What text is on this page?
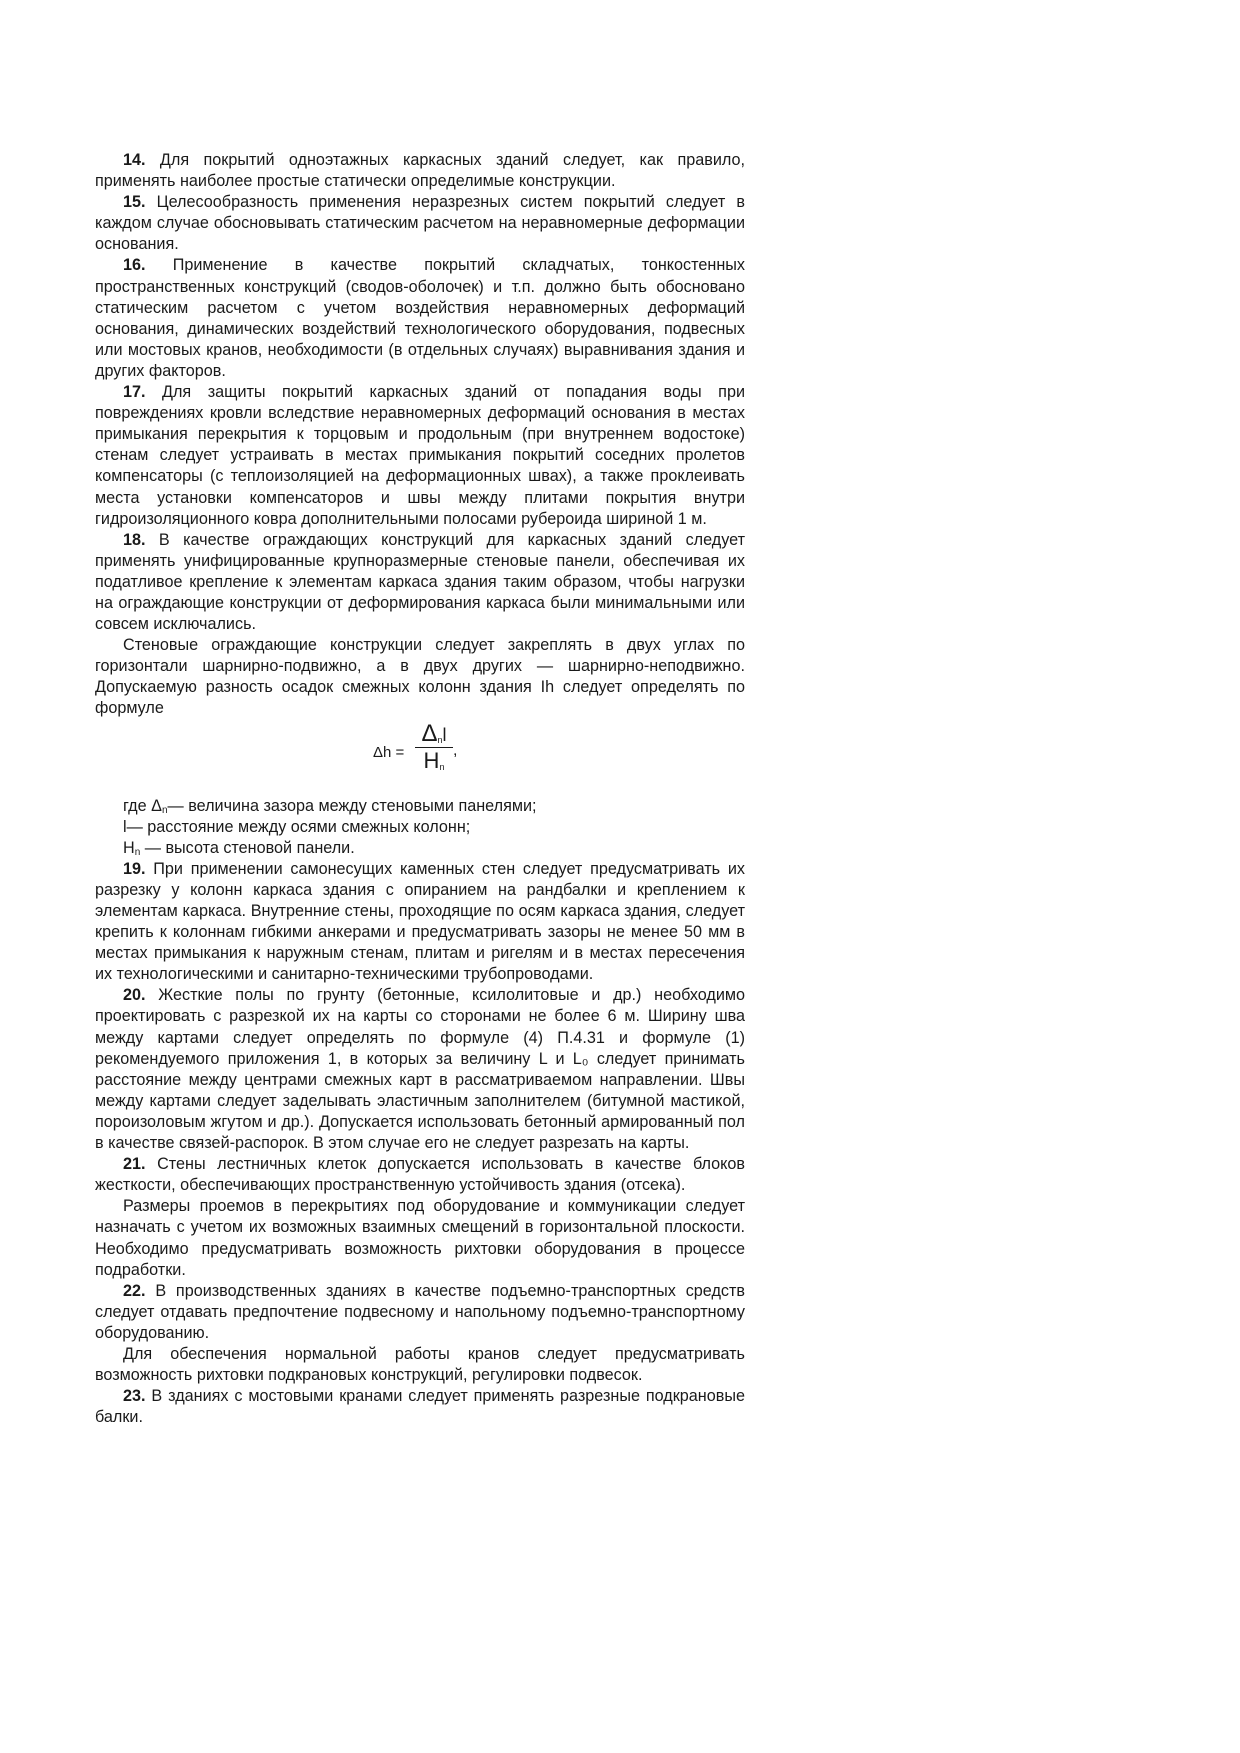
14. Для покрытий одноэтажных каркасных зданий следует, как правило, применять наиболее простые статически определимые конструкции.

15. Целесообразность применения неразрезных систем покрытий следует в каждом случае обосновывать статическим расчетом на неравномерные деформации основания.

16. Применение в качестве покрытий складчатых, тонкостенных пространственных конструкций (сводов-оболочек) и т.п. должно быть обосновано статическим расчетом с учетом воздействия неравномерных деформаций основания, динамических воздействий технологического оборудования, подвесных или мостовых кранов, необходимости (в отдельных случаях) выравнивания здания и других факторов.

17. Для защиты покрытий каркасных зданий от попадания воды при повреждениях кровли вследствие неравномерных деформаций основания в местах примыкания перекрытия к торцовым и продольным (при внутреннем водостоке) стенам следует устраивать в местах примыкания покрытий соседних пролетов компенсаторы (с теплоизоляцией на деформационных швах), а также проклеивать места установки компенсаторов и швы между плитами покрытия внутри гидроизоляционного ковра дополнительными полосами рубероида шириной 1 м.

18. В качестве ограждающих конструкций для каркасных зданий следует применять унифицированные крупноразмерные стеновые панели, обеспечивая их податливое крепление к элементам каркаса здания таким образом, чтобы нагрузки на ограждающие конструкции от деформирования каркаса были минимальными или совсем исключались.

Стеновые ограждающие конструкции следует закреплять в двух углах по горизонтали шарнирно-подвижно, а в двух других — шарнирно-неподвижно. Допускаемую разность осадок смежных колонн здания Ih следует определять по формуле

Δh =
$\Delta_nl$
$H_n$
,

где $\Delta_n—$ величина зазора между стеновыми панелями;

l— расстояние между осями смежных колонн;

$H_n$ — высота стеновой панели.

19. При применении самонесущих каменных стен следует предусматривать их разрезку у колонн каркаса здания с опиранием на рандбалки и креплением к элементам каркаса. Внутренние стены, проходящие по осям каркаса здания, следует крепить к колоннам гибкими анкерами и предусматривать зазоры не менее 50 мм в местах примыкания к наружным стенам, плитам и ригелям и в местах пересечения их технологическими и санитарно-техническими трубопроводами.

20. Жесткие полы по грунту (бетонные, ксилолитовые и др.) необходимо проектировать с разрезкой их на карты со сторонами не более 6 м. Ширину шва между картами следует определять по формуле (4) П.4.31 и формуле (1) рекомендуемого приложения 1, в которых за величину L и L₀ следует принимать расстояние между центрами смежных карт в рассматриваемом направлении. Швы между картами следует заделывать эластичным заполнителем (битумной мастикой, пороизоловым жгутом и др.). Допускается использовать бетонный армированный пол в качестве связей-распорок. В этом случае его не следует разрезать на карты.

21. Стены лестничных клеток допускается использовать в качестве блоков жесткости, обеспечивающих пространственную устойчивость здания (отсека).

Размеры проемов в перекрытиях под оборудование и коммуникации следует назначать с учетом их возможных взаимных смещений в горизонтальной плоскости. Необходимо предусматривать возможность рихтовки оборудования в процессе подработки.

22. В производственных зданиях в качестве подъемно-транспортных средств следует отдавать предпочтение подвесному и напольному подъемно-транспортному оборудованию.

Для обеспечения нормальной работы кранов следует предусматривать возможность рихтовки подкрановых конструкций, регулировки подвесок.

23. В зданиях с мостовыми кранами следует применять разрезные подкрановые балки.
